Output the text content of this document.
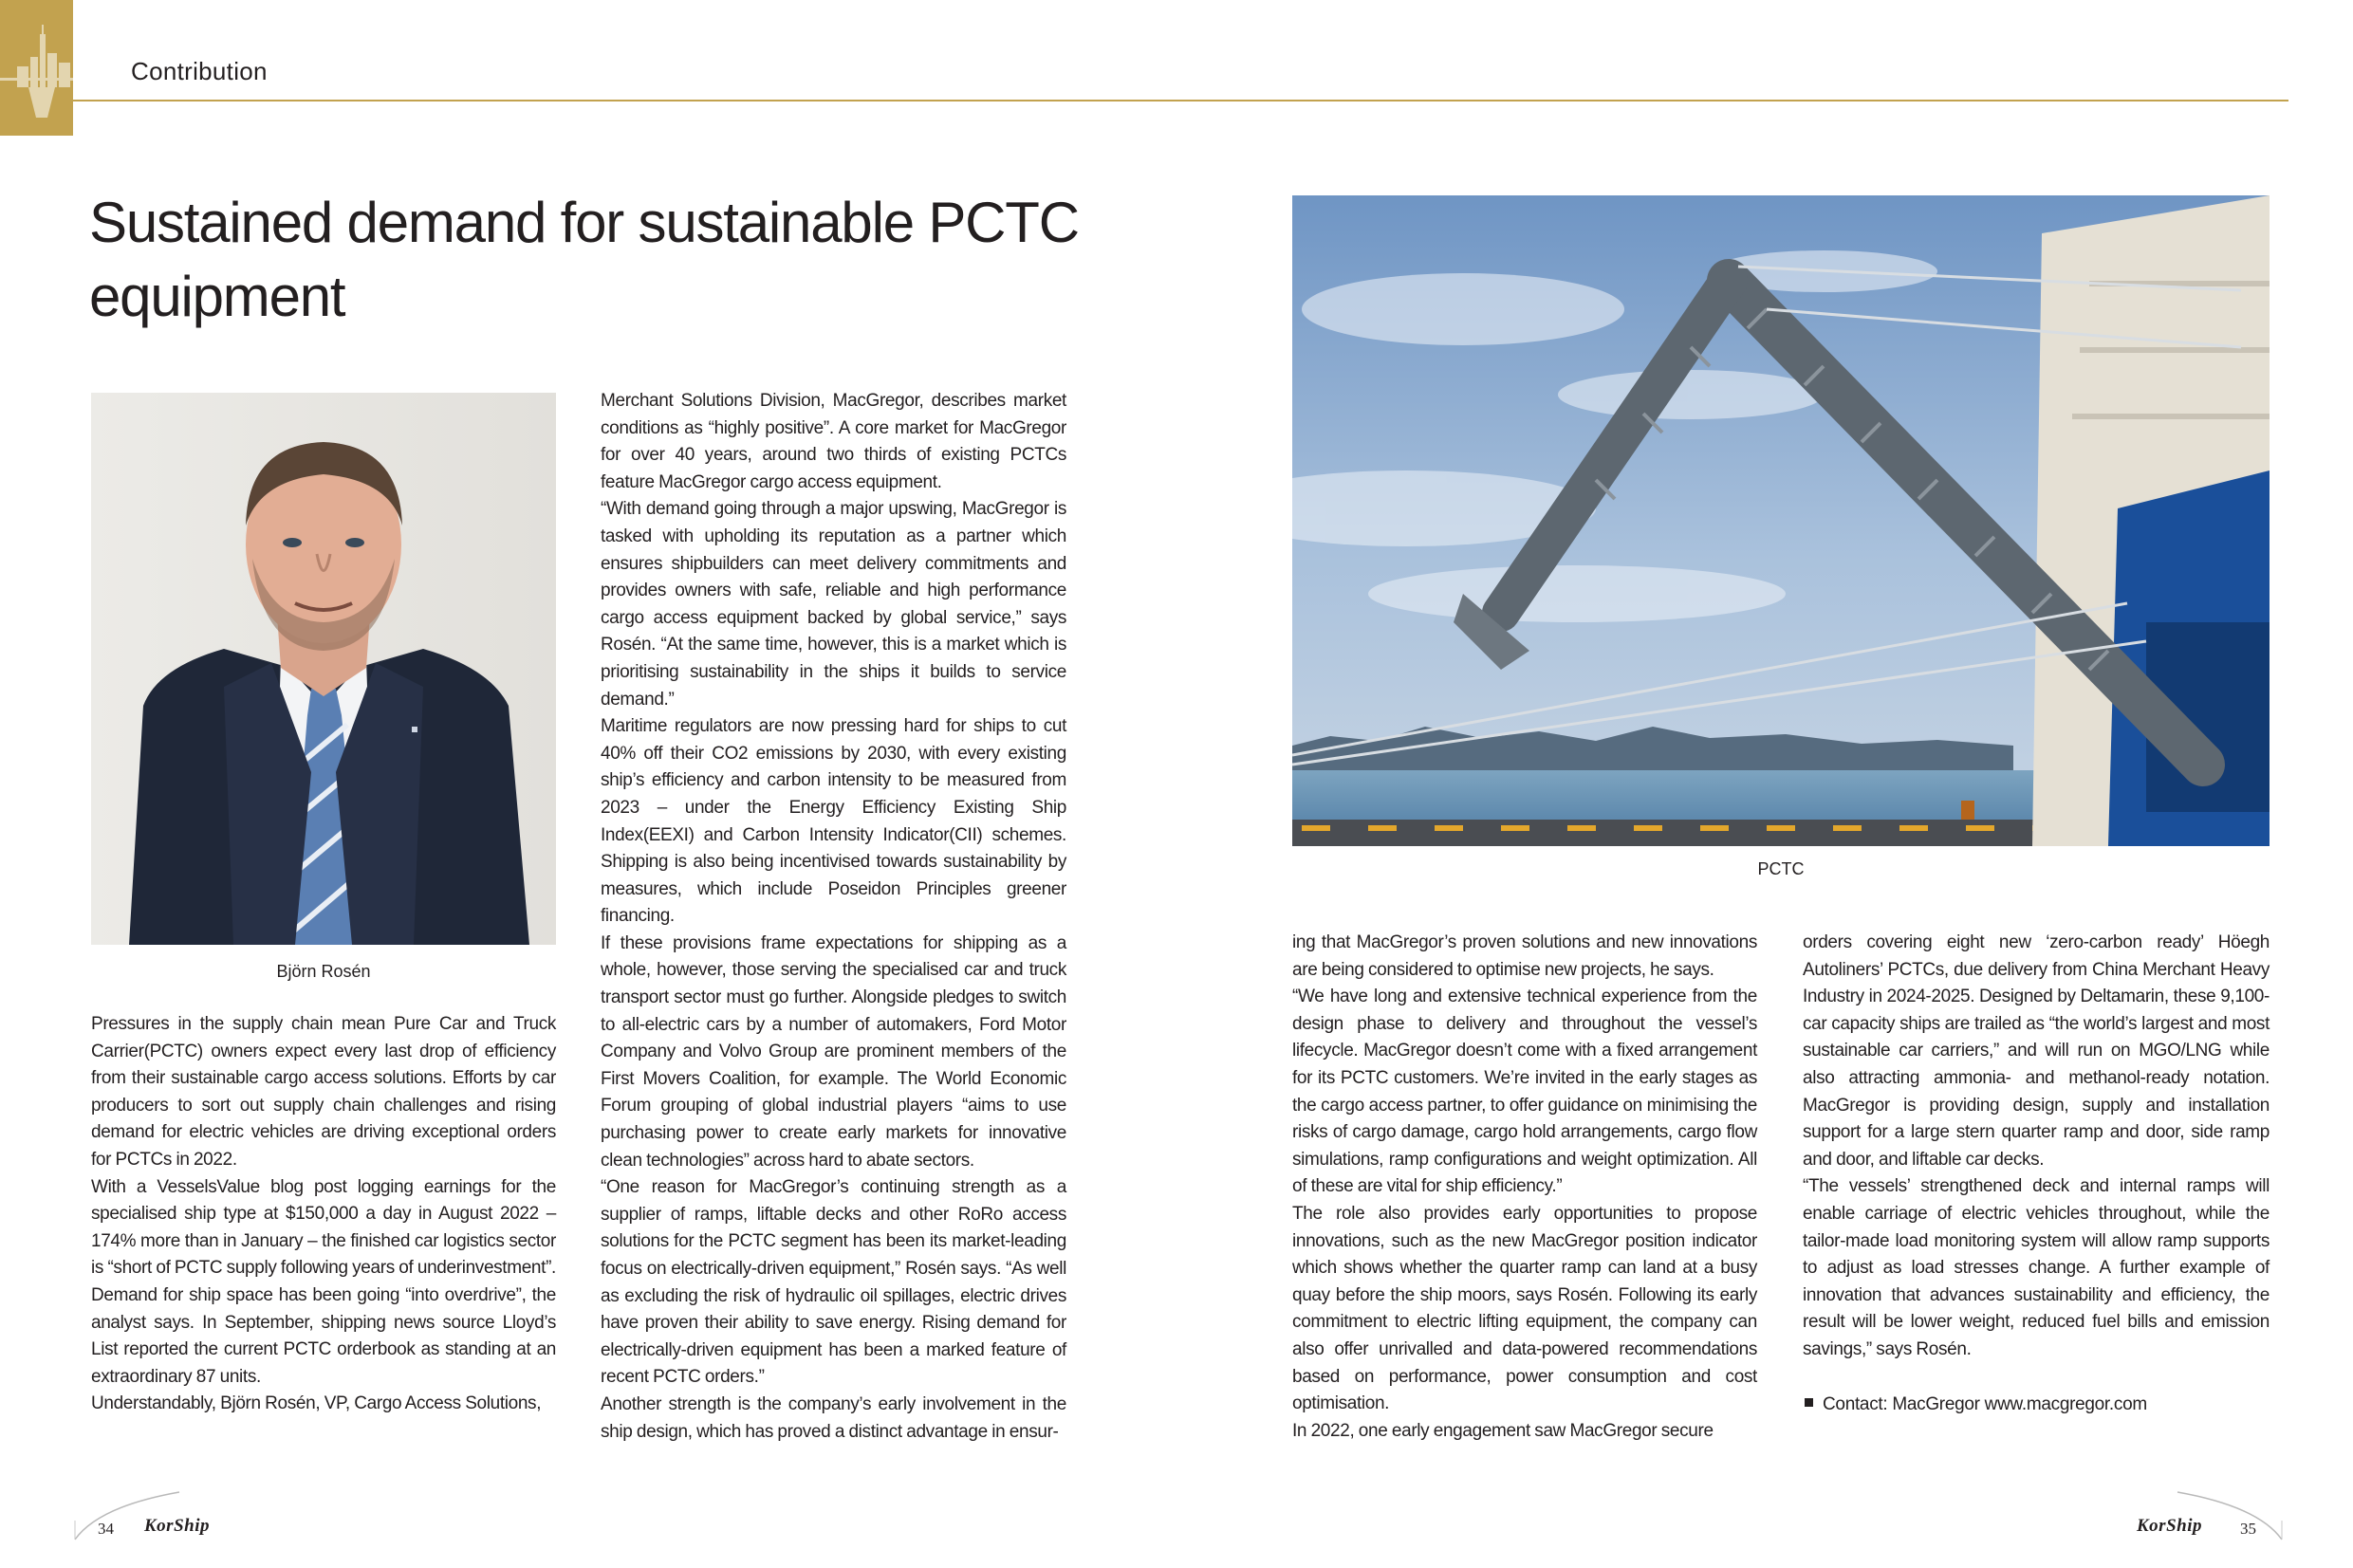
Contribution
Sustained demand for sustainable PCTC equipment
Björn Rosén
PCTC

Pressures in the supply chain mean Pure Car and Truck Carrier(PCTC) owners expect every last drop of efficiency from their sustainable cargo access solutions. Efforts by car producers to sort out supply chain challenges and rising demand for electric vehicles are driving exceptional orders for PCTCs in 2022.

With a VesselsValue blog post logging earnings for the specialised ship type at $150,000 a day in August 2022 – 174% more than in January – the finished car logistics sector is “short of PCTC supply following years of underinvestment”. Demand for ship space has been going “into overdrive”, the analyst says. In September, shipping news source Lloyd’s List reported the current PCTC orderbook as standing at an extraordinary 87 units.

Understandably, Björn Rosén, VP, Cargo Access Solutions,

Merchant Solutions Division, MacGregor, describes market conditions as “highly positive”. A core market for MacGregor for over 40 years, around two thirds of existing PCTCs feature MacGregor cargo access equipment.

“With demand going through a major upswing, MacGregor is tasked with upholding its reputation as a partner which ensures shipbuilders can meet delivery commitments and provides owners with safe, reliable and high performance cargo access equipment backed by global service,” says Rosén. “At the same time, however, this is a market which is prioritising sustainability in the ships it builds to service demand.”

Maritime regulators are now pressing hard for ships to cut 40% off their CO2 emissions by 2030, with every existing ship’s efficiency and carbon intensity to be measured from 2023 – under the Energy Efficiency Existing Ship Index(EEXI) and Carbon Intensity Indicator(CII) schemes. Shipping is also being incentivised towards sustainability by measures, which include Poseidon Principles greener financing.

If these provisions frame expectations for shipping as a whole, however, those serving the specialised car and truck transport sector must go further. Alongside pledges to switch to all-electric cars by a number of automakers, Ford Motor Company and Volvo Group are prominent members of the First Movers Coalition, for example. The World Economic Forum grouping of global industrial players “aims to use purchasing power to create early markets for innovative clean technologies” across hard to abate sectors.

“One reason for MacGregor’s continuing strength as a supplier of ramps, liftable decks and other RoRo access solutions for the PCTC segment has been its market-leading focus on electrically-driven equipment,” Rosén says. “As well as excluding the risk of hydraulic oil spillages, electric drives have proven their ability to save energy. Rising demand for electrically-driven equipment has been a marked feature of recent PCTC orders.”

Another strength is the company’s early involvement in the ship design, which has proved a distinct advantage in ensur-

ing that MacGregor’s proven solutions and new innovations are being considered to optimise new projects, he says.

“We have long and extensive technical experience from the design phase to delivery and throughout the vessel’s lifecycle. MacGregor doesn’t come with a fixed arrangement for its PCTC customers. We’re invited in the early stages as the cargo access partner, to offer guidance on minimising the risks of cargo damage, cargo hold arrangements, cargo flow simulations, ramp configurations and weight optimization. All of these are vital for ship efficiency.”

The role also provides early opportunities to propose innovations, such as the new MacGregor position indicator which shows whether the quarter ramp can land at a busy quay before the ship moors, says Rosén. Following its early commitment to electric lifting equipment, the company can also offer unrivalled and data-powered recommendations based on performance, power consumption and cost optimisation.

In 2022, one early engagement saw MacGregor secure

orders covering eight new ‘zero-carbon ready’ Höegh Autoliners’ PCTCs, due delivery from China Merchant Heavy Industry in 2024-2025. Designed by Deltamarin, these 9,100-car capacity ships are trailed as “the world’s largest and most sustainable car carriers,” and will run on MGO/LNG while also attracting ammonia- and methanol-ready notation. MacGregor is providing design, supply and installation support for a large stern quarter ramp and door, side ramp and door, and liftable car decks.

“The vessels’ strengthened deck and internal ramps will enable carriage of electric vehicles throughout, while the tailor-made load monitoring system will allow ramp supports to adjust as load stresses change. A further example of innovation that advances sustainability and efficiency, the result will be lower weight, reduced fuel bills and emission savings,” says Rosén.

Contact: MacGregor www.macgregor.com
34 KorShip	KorShip 35
